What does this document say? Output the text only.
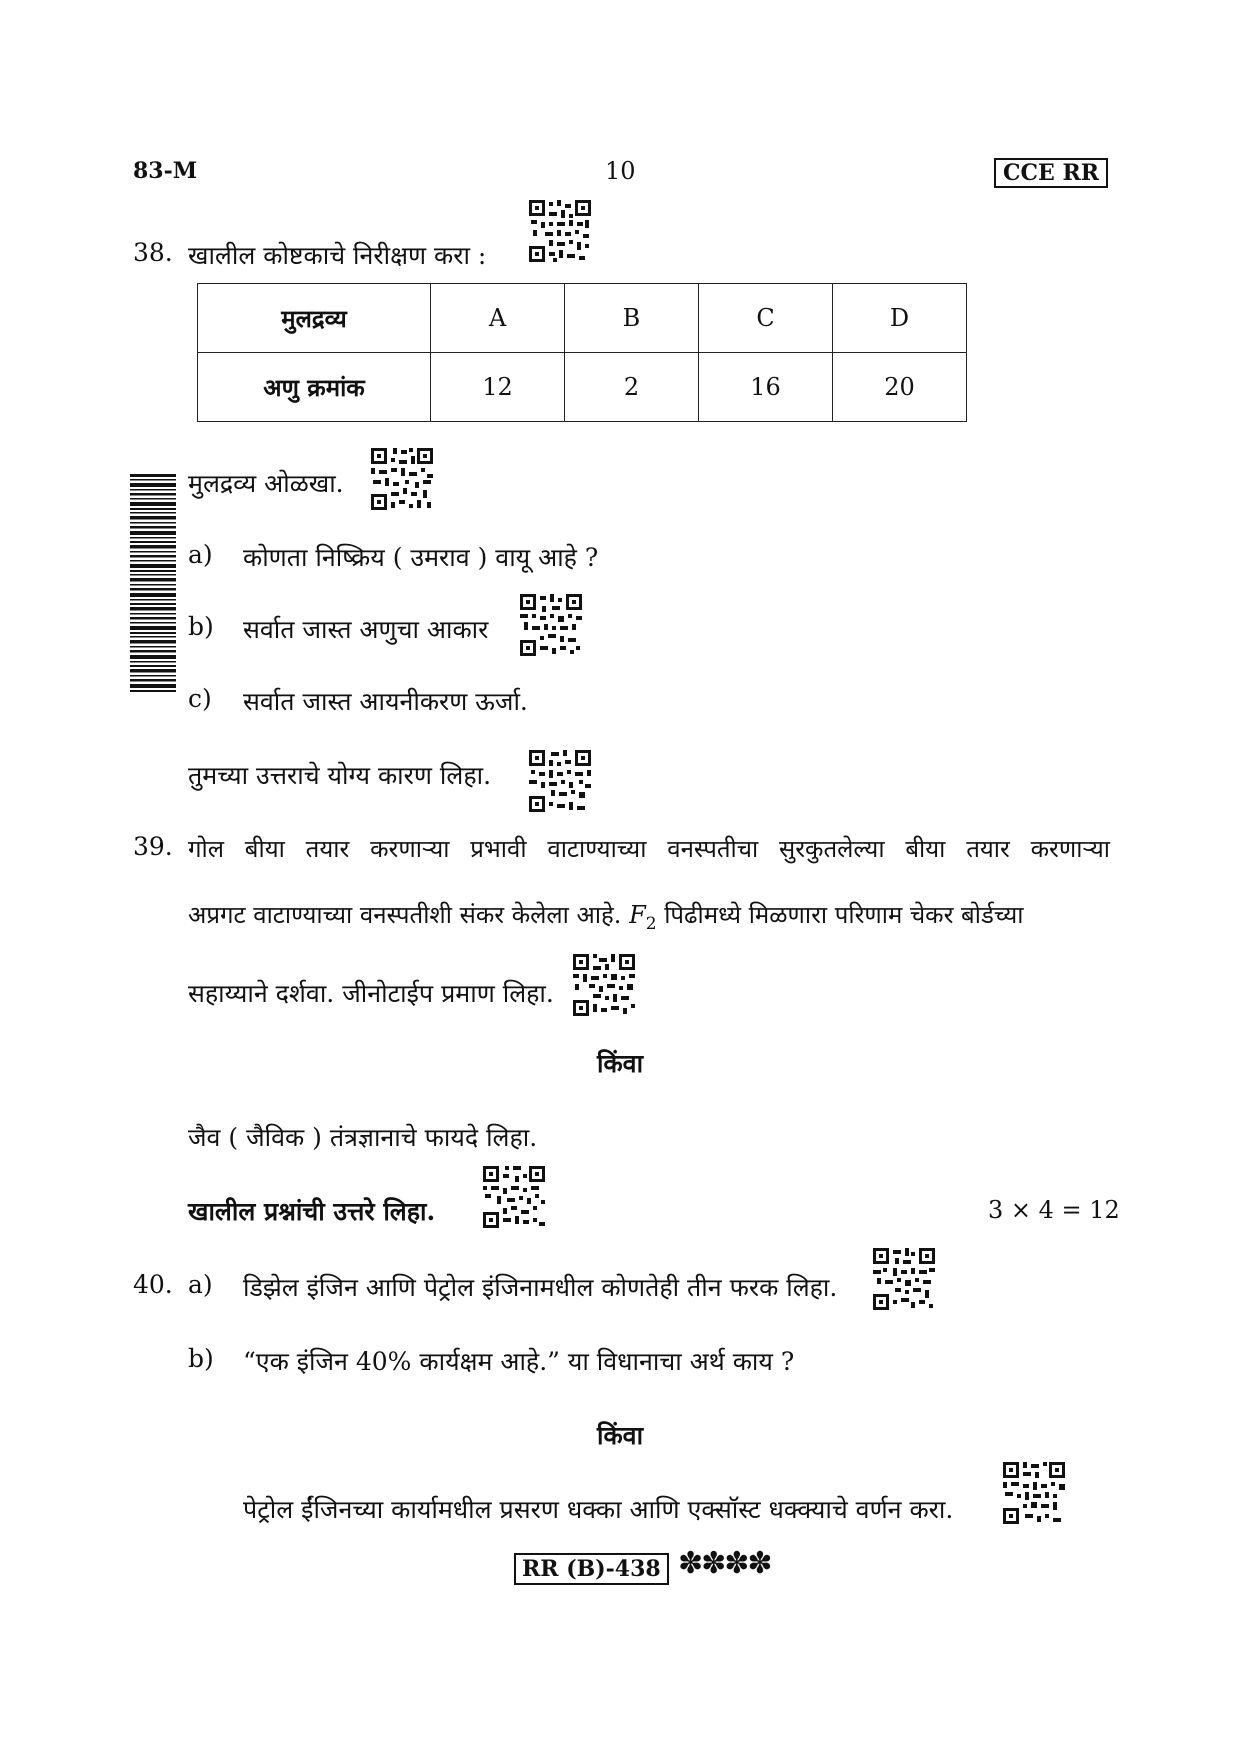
83-M	10	CCE RR
38. खालील कोष्टकाचे निरीक्षण करा :
मुलद्रव्य	A	B	C	D
अणु क्रमांक	12	2	16	20
मुलद्रव्य ओळखा.
a) कोणता निष्क्रिय ( उमराव ) वायू आहे ?
b) सर्वात जास्त अणुचा आकार
c) सर्वात जास्त आयनीकरण ऊर्जा.
तुमच्या उत्तराचे योग्य कारण लिहा.
39. गोल बीया तयार करणाऱ्या प्रभावी वाटाण्याच्या वनस्पतीचा सुरकुतलेल्या बीया तयार करणाऱ्या
अप्रगट वाटाण्याच्या वनस्पतीशी संकर केलेला आहे. $F_2$ पिढीमध्ये मिळणारा परिणाम चेकर बोर्डच्या
सहाय्याने दर्शवा. जीनोटाईप प्रमाण लिहा.
किंवा
जैव ( जैविक ) तंत्रज्ञानाचे फायदे लिहा.
खालील प्रश्नांची उत्तरे लिहा.	3 × 4 = 12
40. a) डिझेल इंजिन आणि पेट्रोल इंजिनामधील कोणतेही तीन फरक लिहा.
b) “एक इंजिन 40% कार्यक्षम आहे.” या विधानाचा अर्थ काय ?
किंवा
पेट्रोल ईंजिनच्या कार्यामधील प्रसरण धक्का आणि एक्सॉस्ट धक्क्याचे वर्णन करा.
RR (B)-438 ✽✽✽✽
